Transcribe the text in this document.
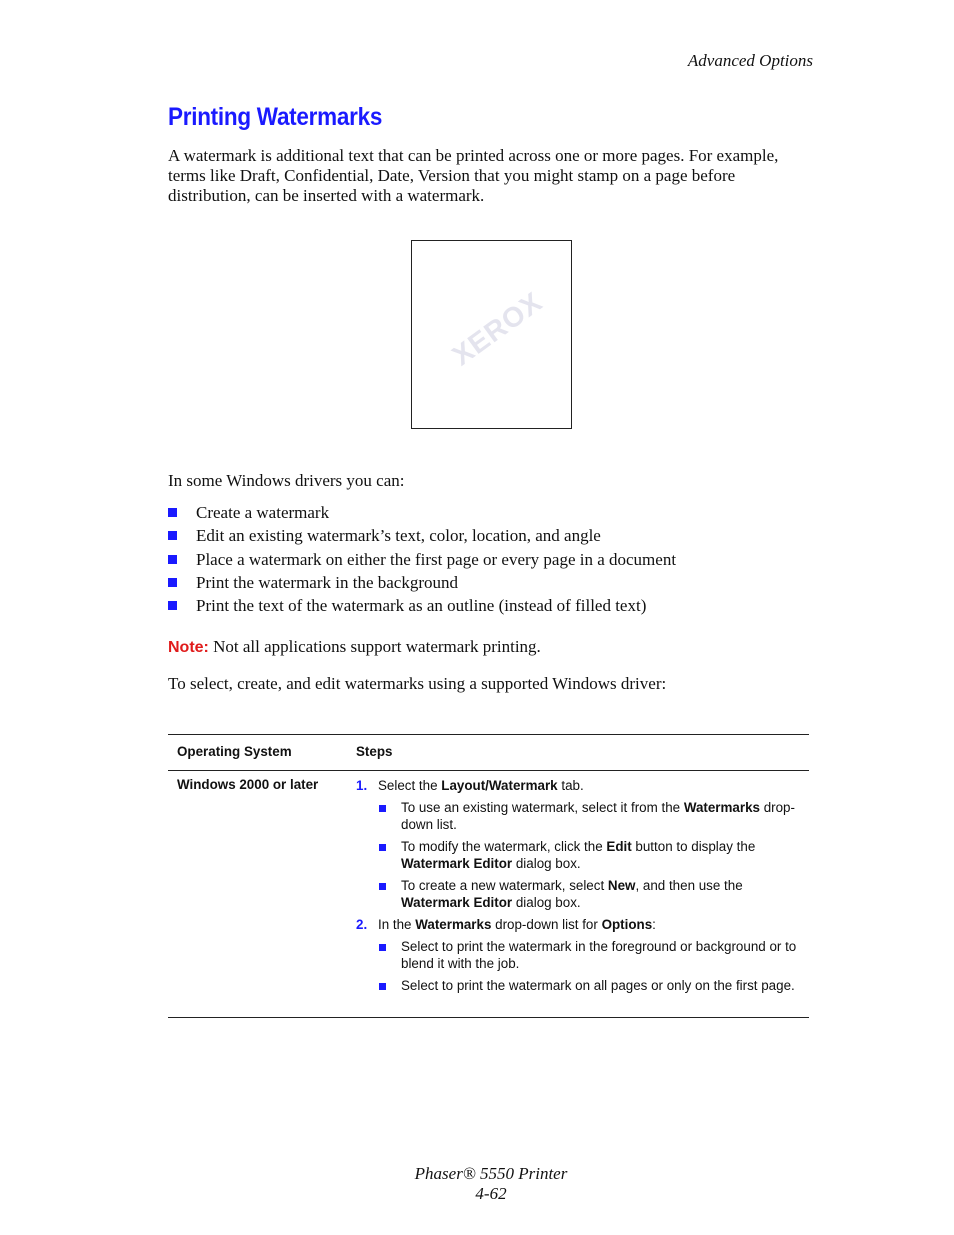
Advanced Options
Printing Watermarks

A watermark is additional text that can be printed across one or more pages. For example, terms like Draft, Confidential, Date, Version that you might stamp on a page before distribution, can be inserted with a watermark.

XEROX

In some Windows drivers you can:

Create a watermark
Edit an existing watermark’s text, color, location, and angle
Place a watermark on either the first page or every page in a document
Print the watermark in the background
Print the text of the watermark as an outline (instead of filled text)

Note: Not all applications support watermark printing.

To select, create, and edit watermarks using a supported Windows driver:

Operating System	Steps
Windows 2000 or later	1. Select the Layout/Watermark tab.
To use an existing watermark, select it from the Watermarks drop-down list.
To modify the watermark, click the Edit button to display the Watermark Editor dialog box.
To create a new watermark, select New, and then use the Watermark Editor dialog box.
2. In the Watermarks drop-down list for Options:
Select to print the watermark in the foreground or background or to blend it with the job.
Select to print the watermark on all pages or only on the first page.
Phaser® 5550 Printer
4-62
